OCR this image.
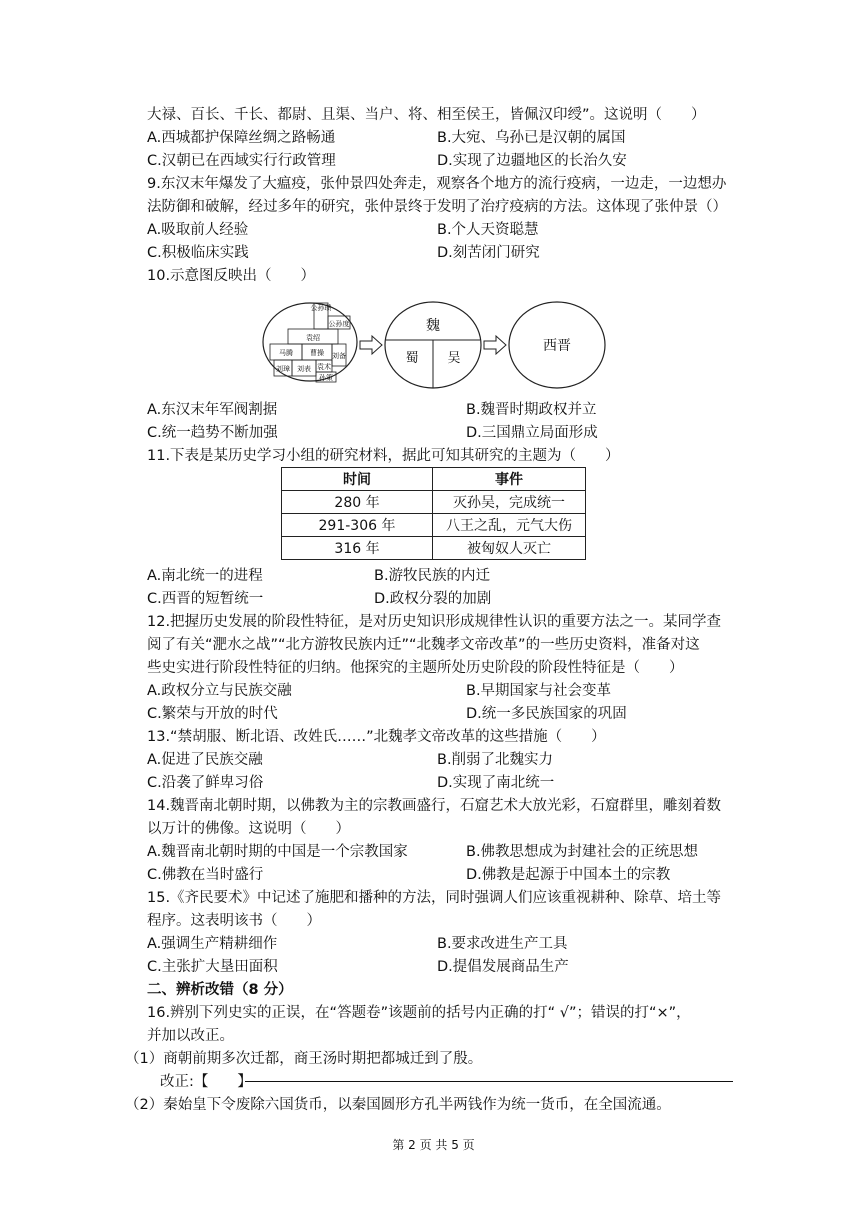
大禄、百长、千长、都尉、且渠、当户、将、相至侯王，皆佩汉印绶”。这说明（　　）
A.西城都护保障丝绸之路畅通	B.大宛、乌孙已是汉朝的属国
C.汉朝已在西域实行行政管理	D.实现了边疆地区的长治久安
9.东汉末年爆发了大瘟疫，张仲景四处奔走，观察各个地方的流行疫病，一边走，一边想办
法防御和破解，经过多年的研究，张仲景终于发明了治疗疫病的方法。这体现了张仲景（）
A.吸取前人经验	B.个人天资聪慧
C.积极临床实践	D.刻苦闭门研究
10.示意图反映出（　　）
公孙瓒
公孙度
袁绍
马腾 曹操 刘备
刘璋 刘表 袁术
孙策
魏
蜀 吴
西晋
A.东汉末年军阀割据	B.魏晋时期政权并立
C.统一趋势不断加强	D.三国鼎立局面形成
11.下表是某历史学习小组的研究材料，据此可知其研究的主题为（　　）
时间	事件
280 年	灭孙吴，完成统一
291-306 年	八王之乱，元气大伤
316 年	被匈奴人灭亡
A.南北统一的进程	B.游牧民族的内迁
C.西晋的短暂统一	D.政权分裂的加剧
12.把握历史发展的阶段性特征，是对历史知识形成规律性认识的重要方法之一。某同学查
阅了有关“淝水之战”“北方游牧民族内迁”“北魏孝文帝改革”的一些历史资料，准备对这
些史实进行阶段性特征的归纳。他探究的主题所处历史阶段的阶段性特征是（　　）
A.政权分立与民族交融	B.早期国家与社会变革
C.繁荣与开放的时代	D.统一多民族国家的巩固
13.“禁胡服、断北语、改姓氏……”北魏孝文帝改革的这些措施（　　）
A.促进了民族交融	B.削弱了北魏实力
C.沿袭了鲜卑习俗	D.实现了南北统一
14.魏晋南北朝时期，以佛教为主的宗教画盛行，石窟艺术大放光彩，石窟群里，雕刻着数
以万计的佛像。这说明（　　）
A.魏晋南北朝时期的中国是一个宗教国家	B.佛教思想成为封建社会的正统思想
C.佛教在当时盛行	D.佛教是起源于中国本土的宗教
15.《齐民要术》中记述了施肥和播种的方法，同时强调人们应该重视耕种、除草、培土等
程序。这表明该书（　　）
A.强调生产精耕细作	B.要求改进生产工具
C.主张扩大垦田面积	D.提倡发展商品生产
二、辨析改错（8 分）
16.辨别下列史实的正误，在“答题卷”该题前的括号内正确的打“ √”；错误的打“×”，
并加以改正。
（1）商朝前期多次迁都，商王汤时期把都城迁到了殷。
改正:【　　】
（2）秦始皇下令废除六国货币，以秦国圆形方孔半两钱作为统一货币，在全国流通。
第 2 页 共 5 页
